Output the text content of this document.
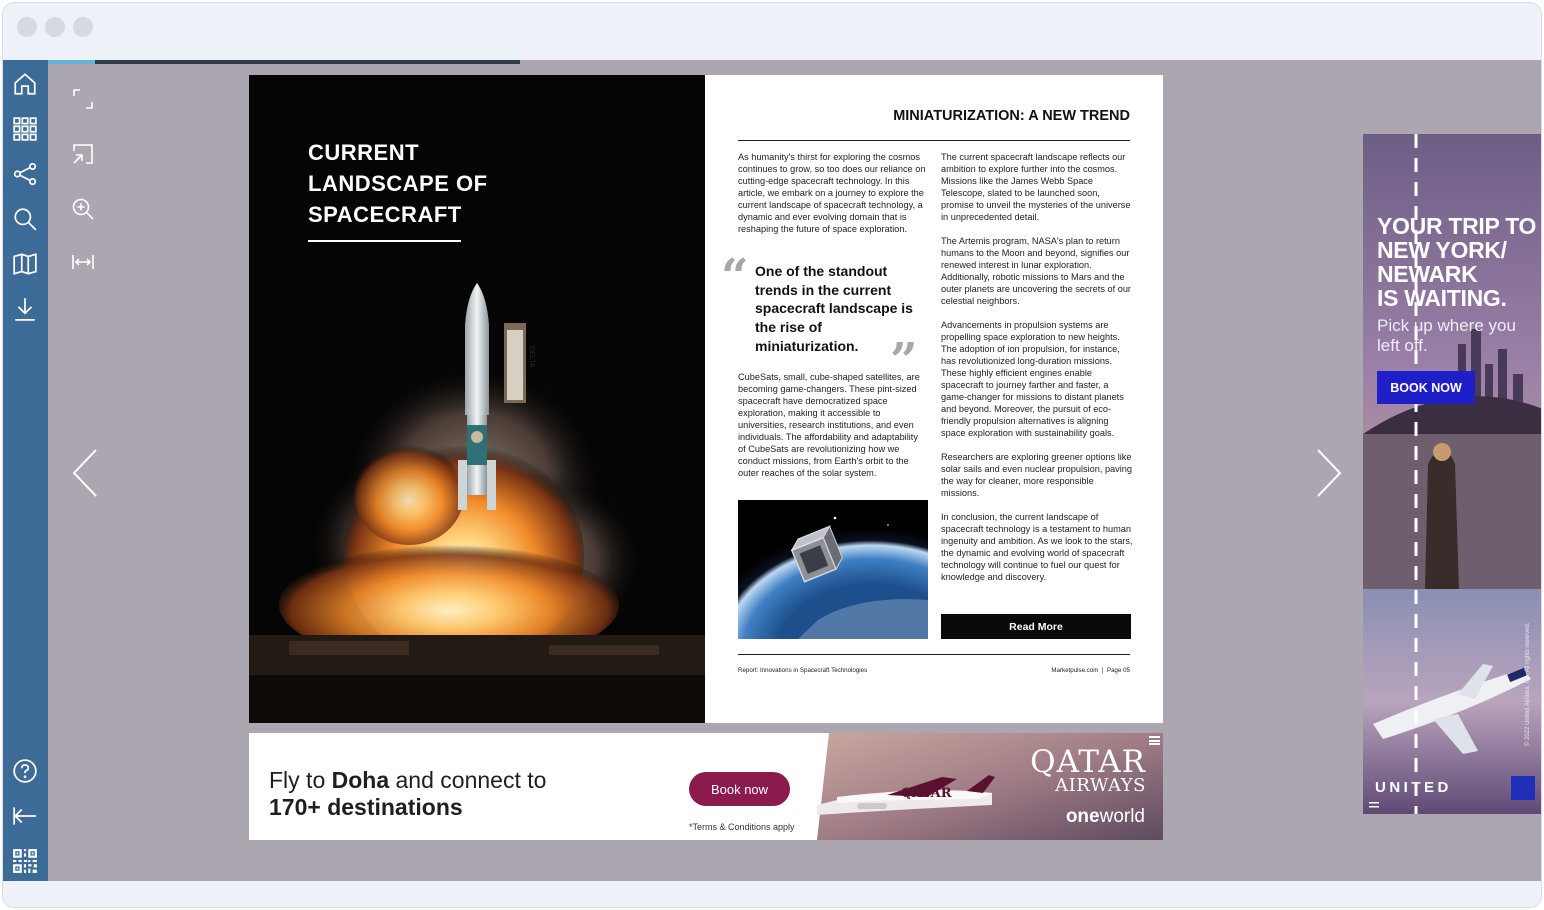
DELTA
CURRENT
LANDSCAPE OF
SPACECRAFT
MINIATURIZATION: A NEW TREND

As humanity's thirst for exploring the cosmos continues to grow, so too does our reliance on cutting-edge spacecraft technology. In this article, we embark on a journey to explore the current landscape of spacecraft technology, a dynamic and ever evolving domain that is reshaping the future of space exploration.

“ One of the standout trends in the current spacecraft landscape is the rise of miniaturization. ”

CubeSats, small, cube-shaped satellites, are becoming game-changers. These pint-sized spacecraft have democratized space exploration, making it accessible to universities, research institutions, and even individuals. The affordability and adaptability of CubeSats are revolutionizing how we conduct missions, from Earth's orbit to the outer reaches of the solar system.

The current spacecraft landscape reflects our ambition to explore further into the cosmos. Missions like the James Webb Space Telescope, slated to be launched soon, promise to unveil the mysteries of the universe in unprecedented detail.

The Artemis program, NASA's plan to return humans to the Moon and beyond, signifies our renewed interest in lunar exploration. Additionally, robotic missions to Mars and the outer planets are uncovering the secrets of our celestial neighbors.

Advancements in propulsion systems are propelling space exploration to new heights. The adoption of ion propulsion, for instance, has revolutionized long-duration missions. These highly efficient engines enable spacecraft to journey farther and faster, a game-changer for missions to distant planets and beyond. Moreover, the pursuit of eco-friendly propulsion alternatives is aligning space exploration with sustainability goals.

Researchers are exploring greener options like solar sails and even nuclear propulsion, paving the way for cleaner, more responsible missions.

In conclusion, the current landscape of spacecraft technology is a testament to human ingenuity and ambition. As we look to the stars, the dynamic and evolving world of spacecraft technology will continue to fuel our quest for knowledge and discovery.

Read More
Report: Innovations in Spacecraft Technologies	Marketpulse.com  |  Page 05
Fly to Doha and connect to
170+ destinations
Book now
*Terms & Conditions apply
QATAR
QATAR
AIRWAYS
oneworld
YOUR TRIP TO
NEW YORK/
NEWARK
IS WAITING.
Pick up where you
left off.
BOOK NOW
UNITED
© 2022 United Airlines, Inc. All rights reserved.
